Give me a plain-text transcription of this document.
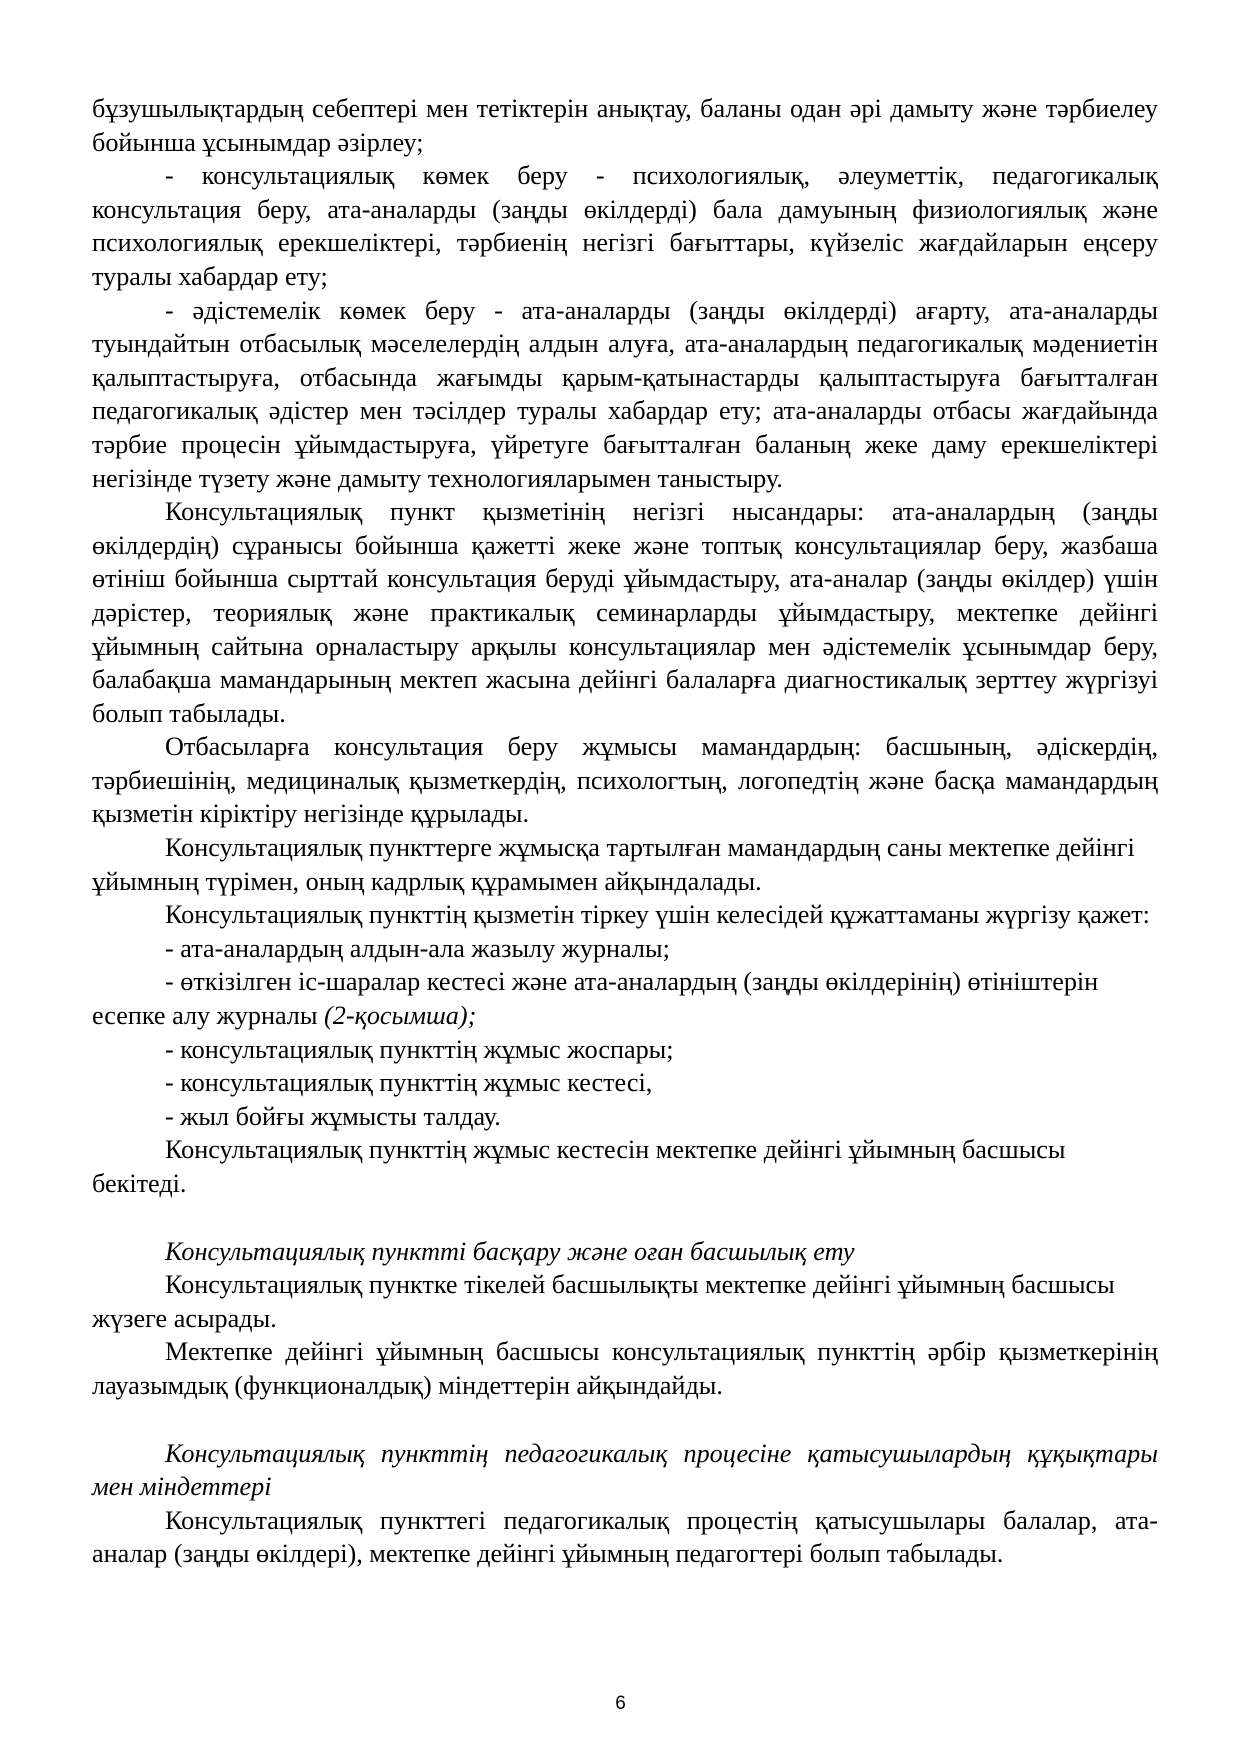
бұзушылықтардың себептері мен тетіктерін анықтау, баланы одан әрі дамыту және тәрбиелеу бойынша ұсынымдар әзірлеу;

- консультациялық көмек беру - психологиялық, әлеуметтік, педагогикалық консультация беру, ата-аналарды (заңды өкілдерді) бала дамуының физиологиялық және психологиялық ерекшеліктері, тәрбиенің негізгі бағыттары, күйзеліс жағдайларын еңсеру туралы хабардар ету;

- әдістемелік көмек беру - ата-аналарды (заңды өкілдерді) ағарту, ата-аналарды туындайтын отбасылық мәселелердің алдын алуға, ата-аналардың педагогикалық мәдениетін қалыптастыруға, отбасында жағымды қарым-қатынастарды қалыптастыруға бағытталған педагогикалық әдістер мен тәсілдер туралы хабардар ету; ата-аналарды отбасы жағдайында тәрбие процесін ұйымдастыруға, үйретуге бағытталған баланың жеке даму ерекшеліктері негізінде түзету және дамыту технологияларымен таныстыру.

Консультациялық пункт қызметінің негізгі нысандары: ата-аналардың (заңды өкілдердің) сұранысы бойынша қажетті жеке және топтық консультациялар беру, жазбаша өтініш бойынша сырттай консультация беруді ұйымдастыру, ата-аналар (заңды өкілдер) үшін дәрістер, теориялық және практикалық семинарларды ұйымдастыру, мектепке дейінгі ұйымның сайтына орналастыру арқылы консультациялар мен әдістемелік ұсынымдар беру, балабақша мамандарының мектеп жасына дейінгі балаларға диагностикалық зерттеу жүргізуі болып табылады.

Отбасыларға консультация беру жұмысы мамандардың: басшының, әдіскердің, тәрбиешінің, медициналық қызметкердің, психологтың, логопедтің және басқа мамандардың қызметін кіріктіру негізінде құрылады.

Консультациялық пункттерге жұмысқа тартылған мамандардың саны мектепке дейінгі ұйымның түрімен, оның кадрлық құрамымен айқындалады.

Консультациялық пункттің қызметін тіркеу үшін келесідей құжаттаманы жүргізу қажет:

- ата-аналардың алдын-ала жазылу журналы;

- өткізілген іс-шаралар кестесі және ата-аналардың (заңды өкілдерінің) өтініштерін есепке алу журналы (2-қосымша);

- консультациялық пункттің жұмыс жоспары;

- консультациялық пункттің жұмыс кестесі,

- жыл бойғы жұмысты талдау.

Консультациялық пункттің жұмыс кестесін мектепке дейінгі ұйымның басшысы бекітеді.

Консультациялық пунктті басқару және оған басшылық ету

Консультациялық пунктке тікелей басшылықты мектепке дейінгі ұйымның басшысы жүзеге асырады.

Мектепке дейінгі ұйымның басшысы консультациялық пункттің әрбір қызметкерінің лауазымдық (функционалдық) міндеттерін айқындайды.

Консультациялық пункттің педагогикалық процесіне қатысушылардың құқықтары мен міндеттері

Консультациялық пункттегі педагогикалық процестің қатысушылары балалар, ата-аналар (заңды өкілдері), мектепке дейінгі ұйымның педагогтері болып табылады.

6
